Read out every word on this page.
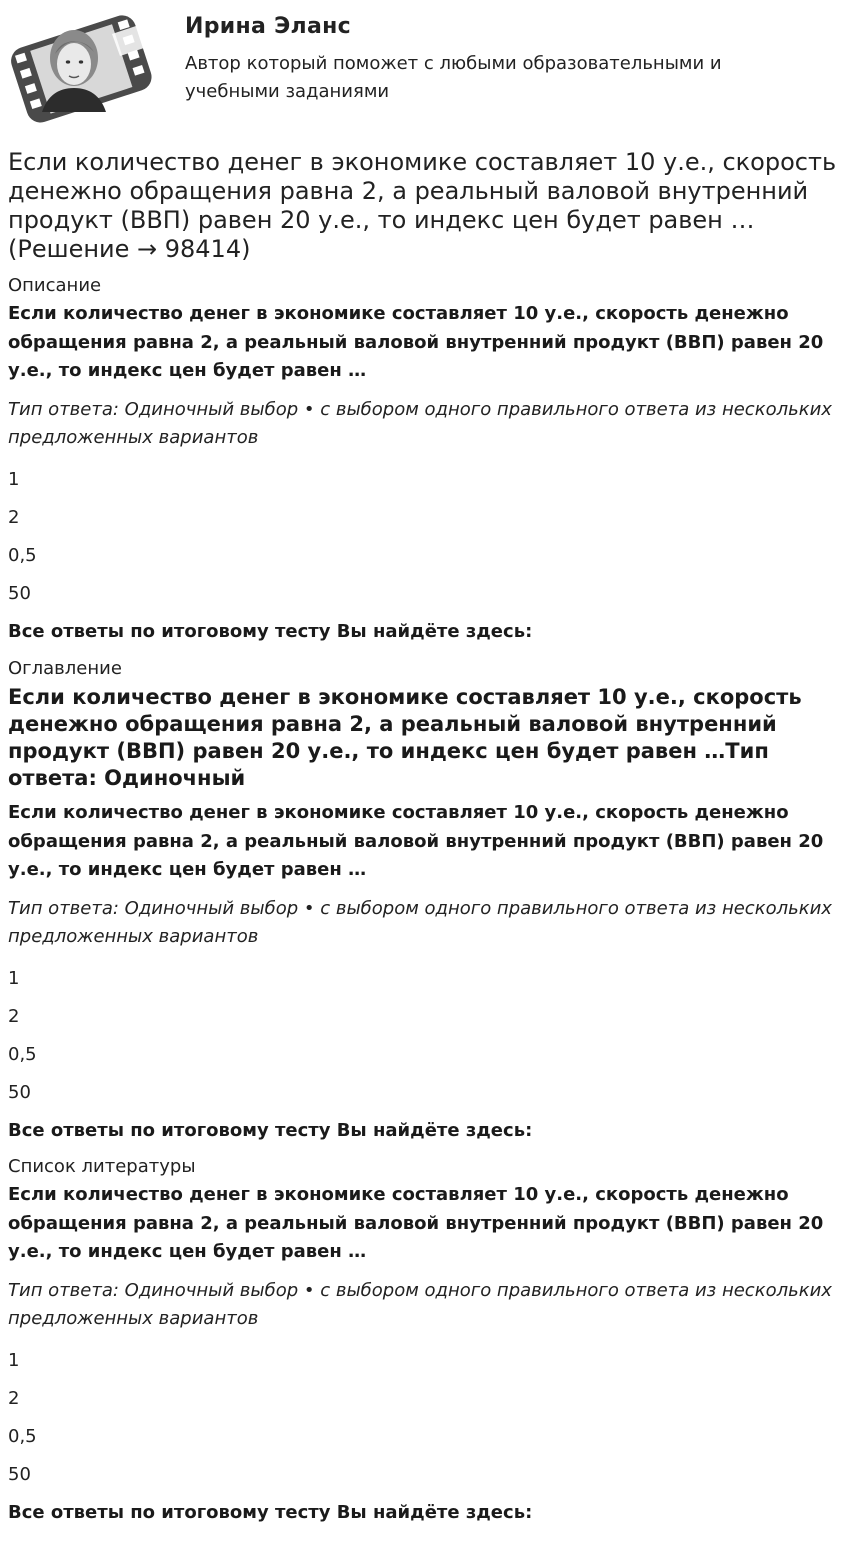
Ирина Эланс
Автор который поможет с любыми образовательными и учебными заданиями
Если количество денег в экономике составляет 10 у.е., скорость денежно обращения равна 2, а реальный валовой внутренний продукт (ВВП) равен 20 у.е., то индекс цен будет равен …(Решение → 98414)
Описание
Если количество денег в экономике составляет 10 у.е., скорость денежно обращения равна 2, а реальный валовой внутренний продукт (ВВП) равен 20 у.е., то индекс цен будет равен …
Тип ответа: Одиночный выбор • с выбором одного правильного ответа из нескольких предложенных вариантов
1
2
0,5
50
Все ответы по итоговому тесту Вы найдёте здесь:
Оглавление
Если количество денег в экономике составляет 10 у.е., скорость денежно обращения равна 2, а реальный валовой внутренний продукт (ВВП) равен 20 у.е., то индекс цен будет равен …Тип ответа: Одиночный
Если количество денег в экономике составляет 10 у.е., скорость денежно обращения равна 2, а реальный валовой внутренний продукт (ВВП) равен 20 у.е., то индекс цен будет равен …
Тип ответа: Одиночный выбор • с выбором одного правильного ответа из нескольких предложенных вариантов
1
2
0,5
50
Все ответы по итоговому тесту Вы найдёте здесь:
Список литературы
Если количество денег в экономике составляет 10 у.е., скорость денежно обращения равна 2, а реальный валовой внутренний продукт (ВВП) равен 20 у.е., то индекс цен будет равен …
Тип ответа: Одиночный выбор • с выбором одного правильного ответа из нескольких предложенных вариантов
1
2
0,5
50
Все ответы по итоговому тесту Вы найдёте здесь:
